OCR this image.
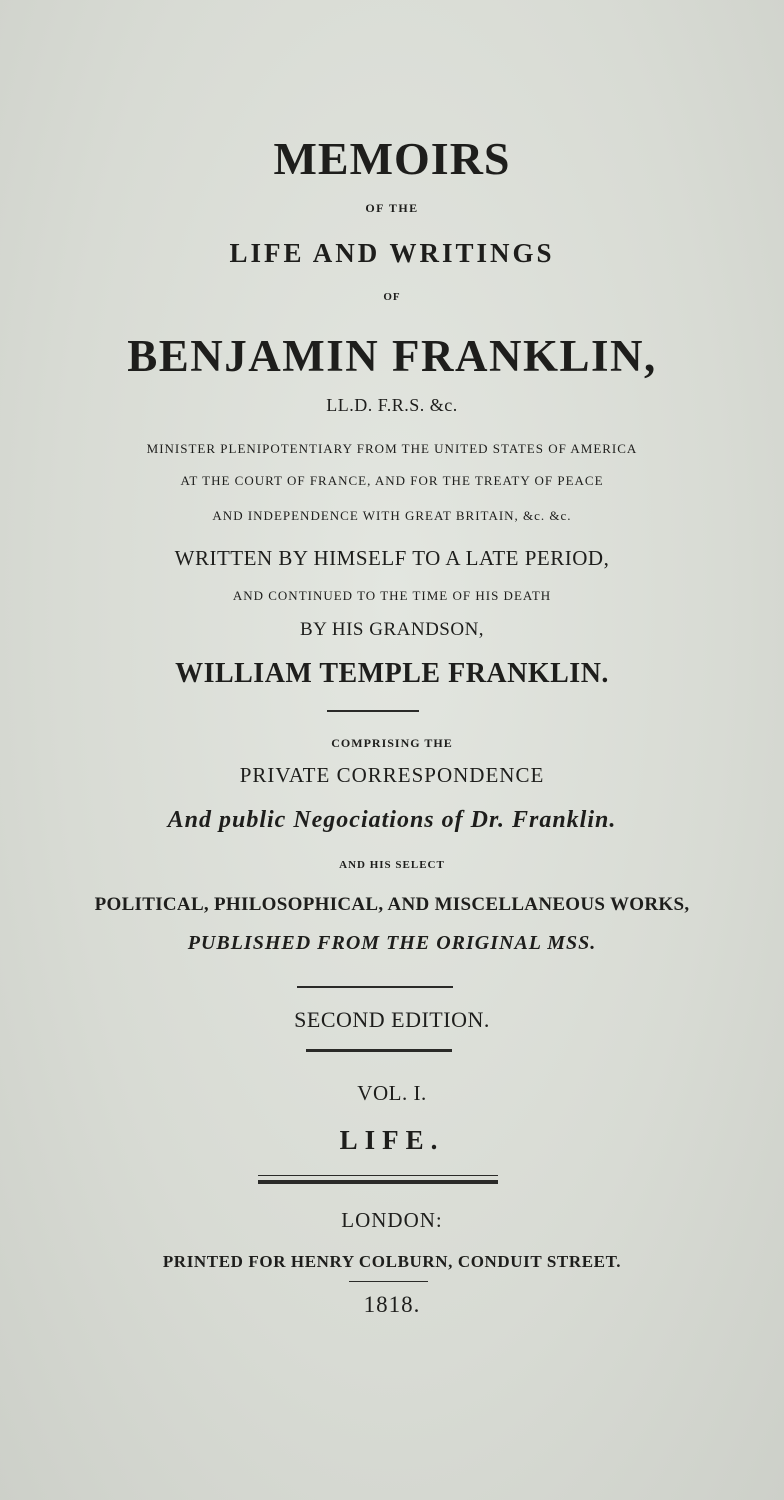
MEMOIRS
OF THE
LIFE AND WRITINGS
OF
BENJAMIN FRANKLIN,
LL.D. F.R.S. &c.
MINISTER PLENIPOTENTIARY FROM THE UNITED STATES OF AMERICA
AT THE COURT OF FRANCE, AND FOR THE TREATY OF PEACE
AND INDEPENDENCE WITH GREAT BRITAIN, &c. &c.
WRITTEN BY HIMSELF TO A LATE PERIOD,
AND CONTINUED TO THE TIME OF HIS DEATH
BY HIS GRANDSON,
WILLIAM TEMPLE FRANKLIN.
COMPRISING THE
PRIVATE CORRESPONDENCE
And public Negociations of Dr. Franklin.
AND HIS SELECT
POLITICAL, PHILOSOPHICAL, AND MISCELLANEOUS WORKS,
PUBLISHED FROM THE ORIGINAL MSS.
SECOND EDITION.
VOL. I.
LIFE.
LONDON:
PRINTED FOR HENRY COLBURN, CONDUIT STREET.
1818.
